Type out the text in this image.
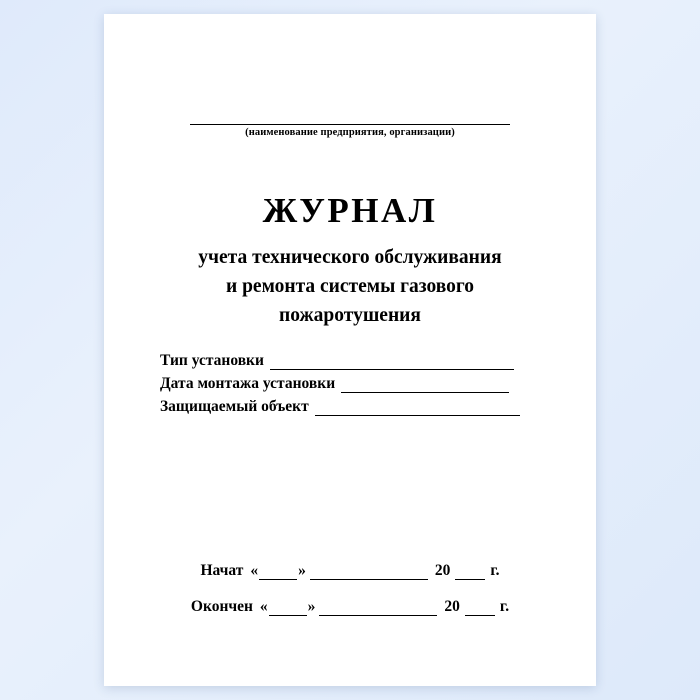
(наименование предприятия, организации)
ЖУРНАЛ
учета технического обслуживания
и ремонта системы газового
пожаротушения
Тип установки
Дата монтажа установки
Защищаемый объект
Начат «	»	20	г.
Окончен «	»	20	г.
